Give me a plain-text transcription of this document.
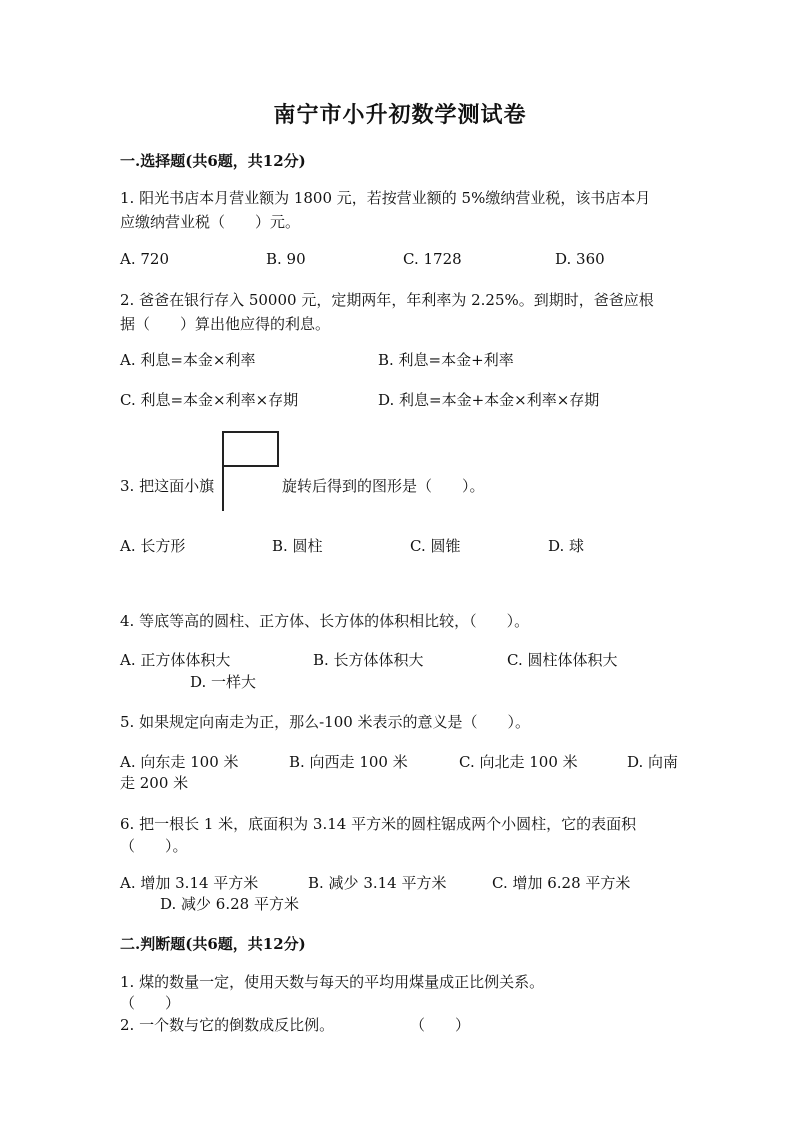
南宁市小升初数学测试卷
一.选择题(共6题，共12分)
1. 阳光书店本月营业额为 1800 元，若按营业额的 5%缴纳营业税，该书店本月
应缴纳营业税（　　）元。
A. 720	B. 90	C. 1728	D. 360
2. 爸爸在银行存入 50000 元，定期两年，年利率为 2.25%。到期时，爸爸应根
据（　　）算出他应得的利息。
A. 利息=本金×利率	B. 利息=本金+利率
C. 利息=本金×利率×存期	D. 利息=本金+本金×利率×存期
3. 把这面小旗	旋转后得到的图形是（　　）。
A. 长方形	B. 圆柱	C. 圆锥	D. 球
4. 等底等高的圆柱、正方体、长方体的体积相比较，（　　）。
A. 正方体体积大	B. 长方体体积大	C. 圆柱体体积大
D. 一样大
5. 如果规定向南走为正，那么-100 米表示的意义是（　　）。
A. 向东走 100 米	B. 向西走 100 米	C. 向北走 100 米	D. 向南
走 200 米
6. 把一根长 1 米，底面积为 3.14 平方米的圆柱锯成两个小圆柱，它的表面积
（　　）。
A. 增加 3.14 平方米	B. 减少 3.14 平方米	C. 增加 6.28 平方米
D. 减少 6.28 平方米
二.判断题(共6题，共12分)
1. 煤的数量一定，使用天数与每天的平均用煤量成正比例关系。
（　　）
2. 一个数与它的倒数成反比例。	（　　）
